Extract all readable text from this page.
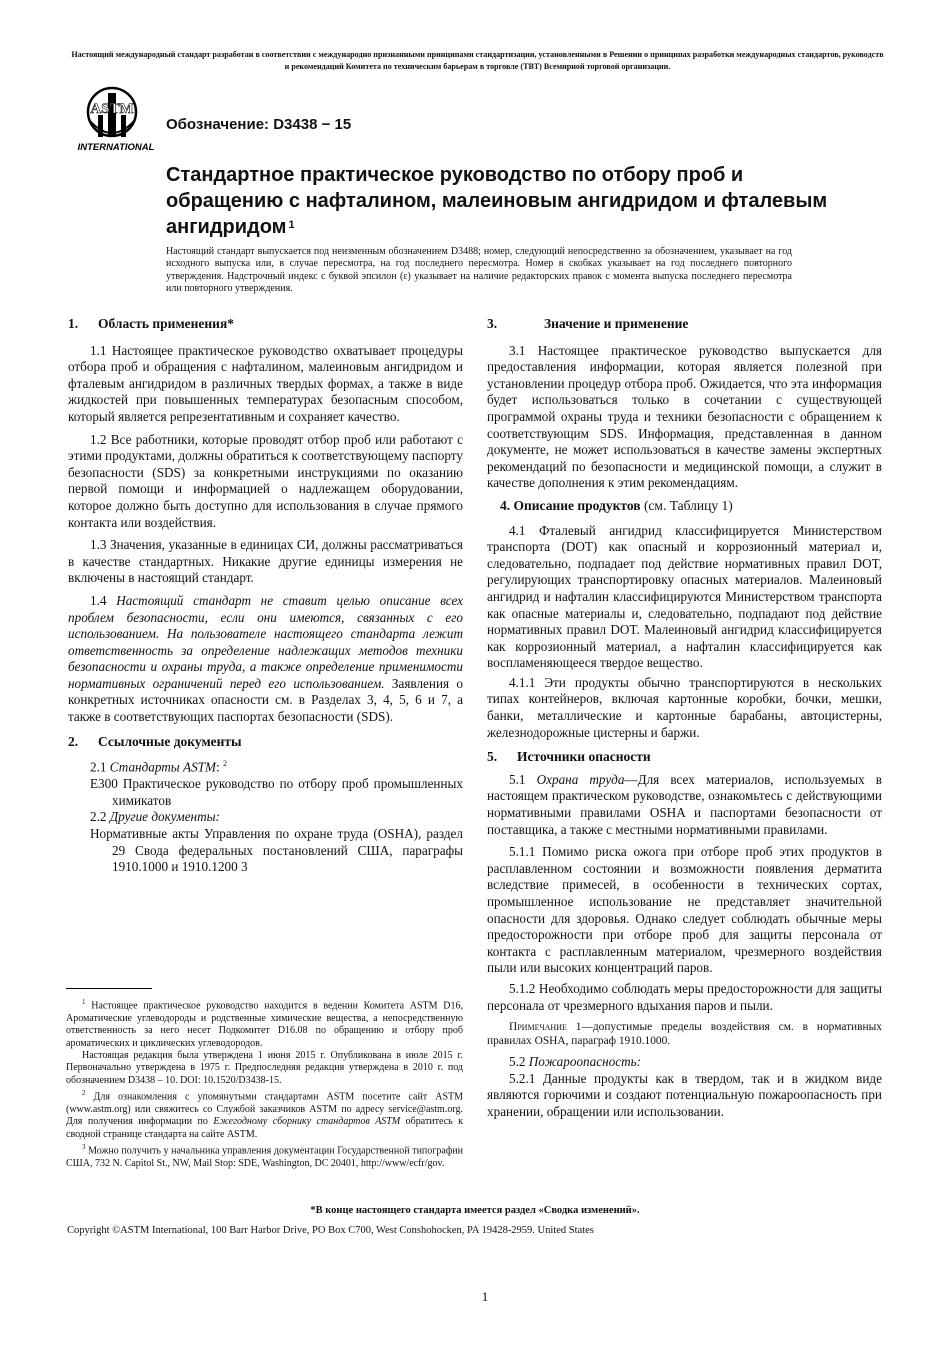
Настоящий международный стандарт разработан в соответствии с международно признанными принципами стандартизации, установленными в Решении о принципах разработки международных стандартов, руководств и рекомендаций Комитета по техническим барьерам в торговле (ТВТ) Всемирной торговой организации.
ASTM
INTERNATIONAL
Обозначение: D3438 − 15
Стандартное практическое руководство по отбору проб и обращению с нафталином, малеиновым ангидридом и фталевым ангидридом $^1$
Настоящий стандарт выпускается под неизменным обозначением D3488; номер, следующий непосредственно за обозначением, указывает на год исходного выпуска или, в случае пересмотра, на год последнего пересмотра. Номер в скобках указывает на год последнего повторного утверждения. Надстрочный индекс с буквой эпсилон (ε) указывает на наличие редакторских правок с момента выпуска последнего пересмотра или повторного утверждения.

1. Область применения*

1.1 Настоящее практическое руководство охватывает процедуры отбора проб и обращения с нафталином, малеиновым ангидридом и фталевым ангидридом в различных твердых формах, а также в виде жидкостей при повышенных температурах безопасным способом, который является репрезентативным и сохраняет качество.

1.2 Все работники, которые проводят отбор проб или работают с этими продуктами, должны обратиться к соответствующему паспорту безопасности (SDS) за конкретными инструкциями по оказанию первой помощи и информацией о надлежащем оборудовании, которое должно быть доступно для использования в случае прямого контакта или воздействия.

1.3 Значения, указанные в единицах СИ, должны рассматриваться в качестве стандартных. Никакие другие единицы измерения не включены в настоящий стандарт.

1.4 Настоящий стандарт не ставит целью описание всех проблем безопасности, если они имеются, связанных с его использованием. На пользователе настоящего стандарта лежит ответственность за определение надлежащих методов техники безопасности и охраны труда, а также определение применимости нормативных ограничений перед его использованием. Заявления о конкретных источниках опасности см. в Разделах 3, 4, 5, 6 и 7, а также в соответствующих паспортах безопасности (SDS).

2. Ссылочные документы

2.1 Стандарты ASTM: $^2$

E300 Практическое руководство по отбору проб промышленных химикатов

2.2 Другие документы:

Нормативные акты Управления по охране труда (OSHA), раздел 29 Свода федеральных постановлений США, параграфы 1910.1000 и 1910.1200 3

$^1$ Настоящее практическое руководство находится в ведении Комитета ASTM D16, Ароматические углеводороды и родственные химические вещества, а непосредственную ответственность за него несет Подкомитет D16.08 по обращению и отбору проб ароматических и циклических углеводородов.

Настоящая редакция была утверждена 1 июня 2015 г. Опубликована в июле 2015 г. Первоначально утверждена в 1975 г. Предпоследняя редакция утверждена в 2010 г. под обозначением D3438 – 10. DOI: 10.1520/D3438-15.

$^2$ Для ознакомления с упомянутыми стандартами ASTM посетите сайт ASTM (www.astm.org) или свяжитесь со Службой заказчиков ASTM по адресу service@astm.org. Для получения информации по Ежегодному сборнику стандартов ASTM обратитесь к сводной странице стандарта на сайте ASTM.

$^3$ Можно получить у начальника управления документации Государственной типографии США, 732 N. Capitol St., NW, Mail Stop: SDE, Washington, DC 20401, http://www/ecfr/gov.

3.	Значение и применение

3.1 Настоящее практическое руководство выпускается для предоставления информации, которая является полезной при установлении процедур отбора проб. Ожидается, что эта информация будет использоваться только в сочетании с существующей программой охраны труда и техники безопасности с обращением к соответствующим SDS. Информация, представленная в данном документе, не может использоваться в качестве замены экспертных рекомендаций по безопасности и медицинской помощи, а служит в качестве дополнения к этим рекомендациям.

4. Описание продуктов (см. Таблицу 1)

4.1 Фталевый ангидрид классифицируется Министерством транспорта (DOT) как опасный и коррозионный материал и, следовательно, подпадает под действие нормативных правил DOT, регулирующих транспортировку опасных материалов. Малеиновый ангидрид и нафталин классифицируются Министерством транспорта как опасные материалы и, следовательно, подпадают под действие нормативных правил DOT. Малеиновый ангидрид классифицируется как коррозионный материал, а нафталин классифицируется как воспламеняющееся твердое вещество.

4.1.1 Эти продукты обычно транспортируются в нескольких типах контейнеров, включая картонные коробки, бочки, мешки, банки, металлические и картонные барабаны, автоцистерны, железнодорожные цистерны и баржи.

5. Источники опасности

5.1 Охрана труда—Для всех материалов, используемых в настоящем практическом руководстве, ознакомьтесь с действующими нормативными правилами OSHA и паспортами безопасности от поставщика, а также с местными нормативными правилами.

5.1.1 Помимо риска ожога при отборе проб этих продуктов в расплавленном состоянии и возможности появления дерматита вследствие примесей, в особенности в технических сортах, промышленное использование не представляет значительной опасности для здоровья. Однако следует соблюдать обычные меры предосторожности при отборе проб для защиты персонала от контакта с расплавленным материалом, чрезмерного воздействия пыли или высоких концентраций паров.

5.1.2 Необходимо соблюдать меры предосторожности для защиты персонала от чрезмерного вдыхания паров и пыли.

Примечание 1—допустимые пределы воздействия см. в нормативных правилах OSHA, параграф 1910.1000.

5.2 Пожароопасность:

5.2.1 Данные продукты как в твердом, так и в жидком виде являются горючими и создают потенциальную пожароопасность при хранении, обращении или использовании.

*В конце настоящего стандарта имеется раздел «Сводка изменений».
Copyright ©ASTM International, 100 Barr Harbor Drive, PO Box C700, West Conshohocken, PA 19428-2959. United States
1
